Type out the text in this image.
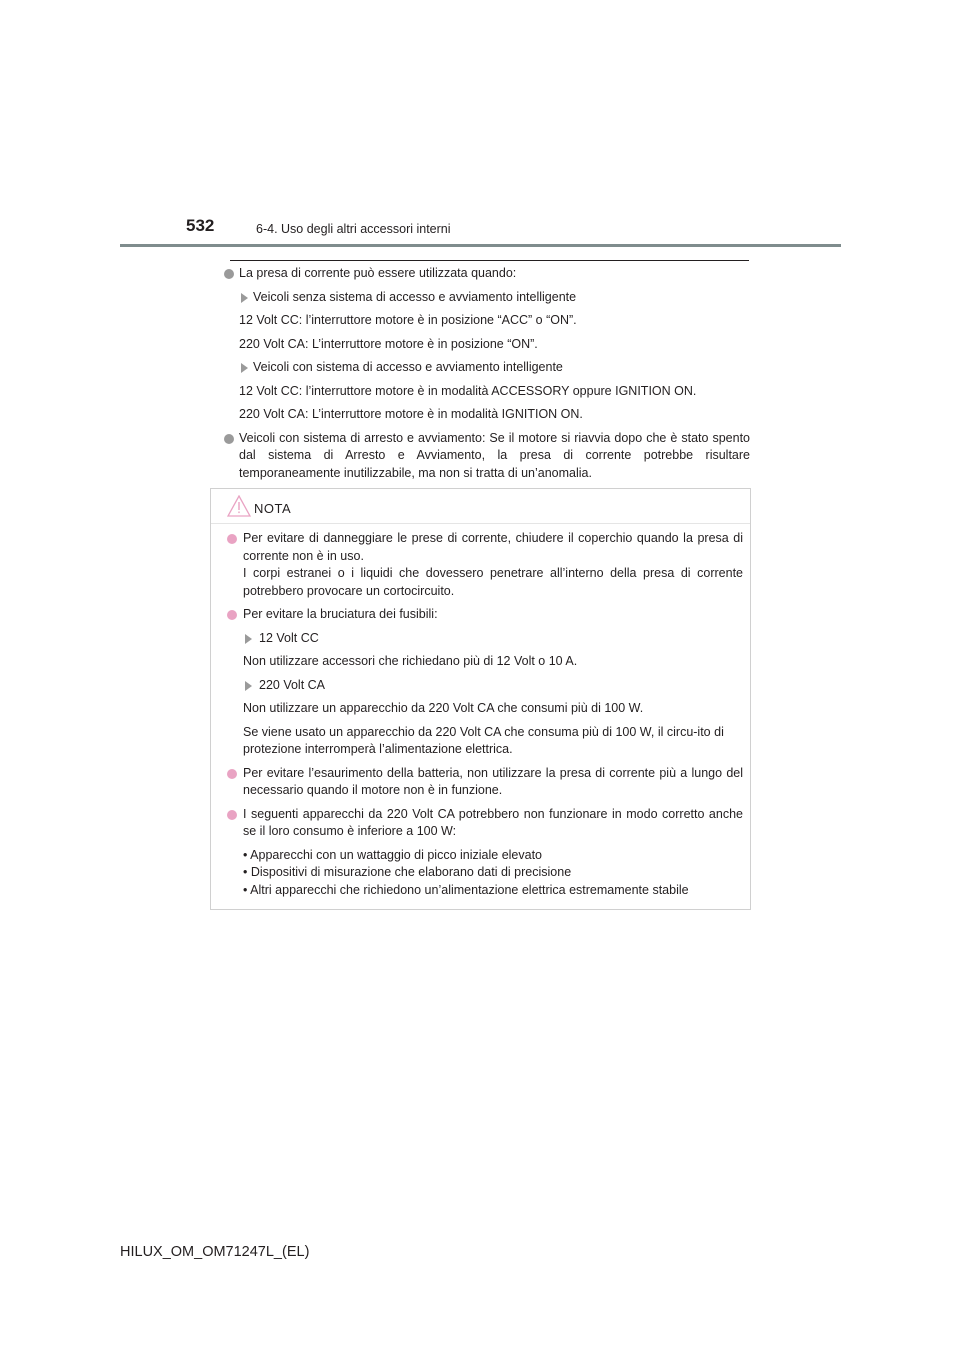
532	6-4. Uso degli altri accessori interni
La presa di corrente può essere utilizzata quando:
Veicoli senza sistema di accesso e avviamento intelligente
12 Volt CC: l’interruttore motore è in posizione “ACC” o “ON”.
220 Volt CA: L’interruttore motore è in posizione “ON”.
Veicoli con sistema di accesso e avviamento intelligente
12 Volt CC: l’interruttore motore è in modalità ACCESSORY oppure IGNITION ON.
220 Volt CA: L’interruttore motore è in modalità IGNITION ON.
Veicoli con sistema di arresto e avviamento: Se il motore si riavvia dopo che è stato spento dal sistema di Arresto e Avviamento, la presa di corrente potrebbe risultare temporaneamente inutilizzabile, ma non si tratta di un’anomalia.
NOTA
Per evitare di danneggiare le prese di corrente, chiudere il coperchio quando la presa di corrente non è in uso.
I corpi estranei o i liquidi che dovessero penetrare all’interno della presa di corrente potrebbero provocare un cortocircuito.
Per evitare la bruciatura dei fusibili:
12 Volt CC
Non utilizzare accessori che richiedano più di 12 Volt o 10 A.
220 Volt CA
Non utilizzare un apparecchio da 220 Volt CA che consumi più di 100 W.
Se viene usato un apparecchio da 220 Volt CA che consuma più di 100 W, il circu-ito di protezione interromperà l’alimentazione elettrica.
Per evitare l’esaurimento della batteria, non utilizzare la presa di corrente più a lungo del necessario quando il motore non è in funzione.
I seguenti apparecchi da 220 Volt CA potrebbero non funzionare in modo corretto anche se il loro consumo è inferiore a 100 W:
• Apparecchi con un wattaggio di picco iniziale elevato
• Dispositivi di misurazione che elaborano dati di precisione
• Altri apparecchi che richiedono un’alimentazione elettrica estremamente stabile
HILUX_OM_OM71247L_(EL)
